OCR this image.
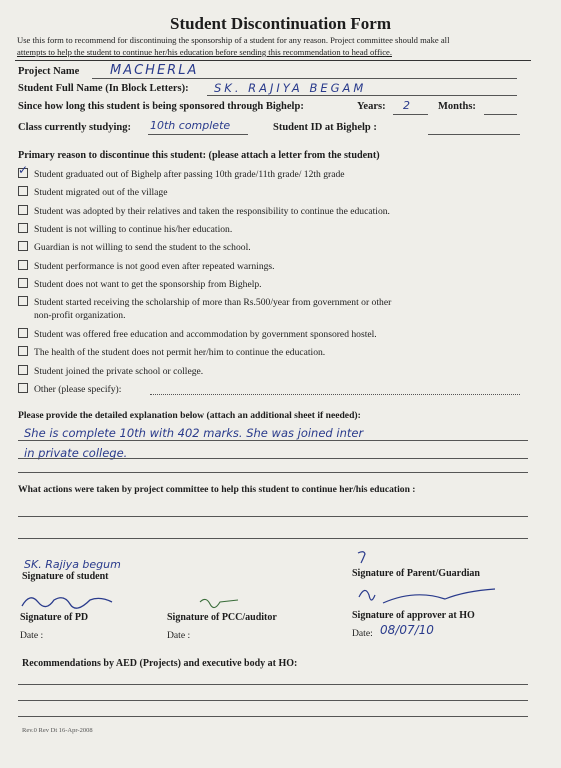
Student Discontinuation Form
Use this form to recommend for discontinuing the sponsorship of a student for any reason. Project committee should make all
attempts to help the student to continue her/his education before sending this recommendation to head office.
Project Name MACHERLA
Student Full Name (In Block Letters): SK. RAJIYA BEGAM
Since how long this student is being sponsored through Bighelp:	Years: 2	Months:
Class currently studying: 10th complete	Student ID at Bighelp :
Primary reason to discontinue this student: (please attach a letter from the student)
✓Student graduated out of Bighelp after passing 10th grade/11th grade/ 12th grade
Student migrated out of the village
Student was adopted by their relatives and taken the responsibility to continue the education.
Student is not willing to continue his/her education.
Guardian is not willing to send the student to the school.
Student performance is not good even after repeated warnings.
Student does not want to get the sponsorship from Bighelp.
Student started receiving the scholarship of more than Rs.500/year from government or other
non-profit organization.
Student was offered free education and accommodation by government sponsored hostel.
The health of the student does not permit her/him to continue the education.
Student joined the private school or college.
Other (please specify):
Please provide the detailed explanation below (attach an additional sheet if needed):
She is complete 10th with 402 marks. She was joined inter
in private college.
What actions were taken by project committee to help this student to continue her/his education :
SK. Rajiya begum
Signature of student	Signature of Parent/Guardian
Signature of PD
Date :
Signature of PCC/auditor
Date :
Signature of approver at HO
Date: 08/07/10
Recommendations by AED (Projects) and executive body at HO:
Rev.0 Rev Dt 16-Apr-2008
